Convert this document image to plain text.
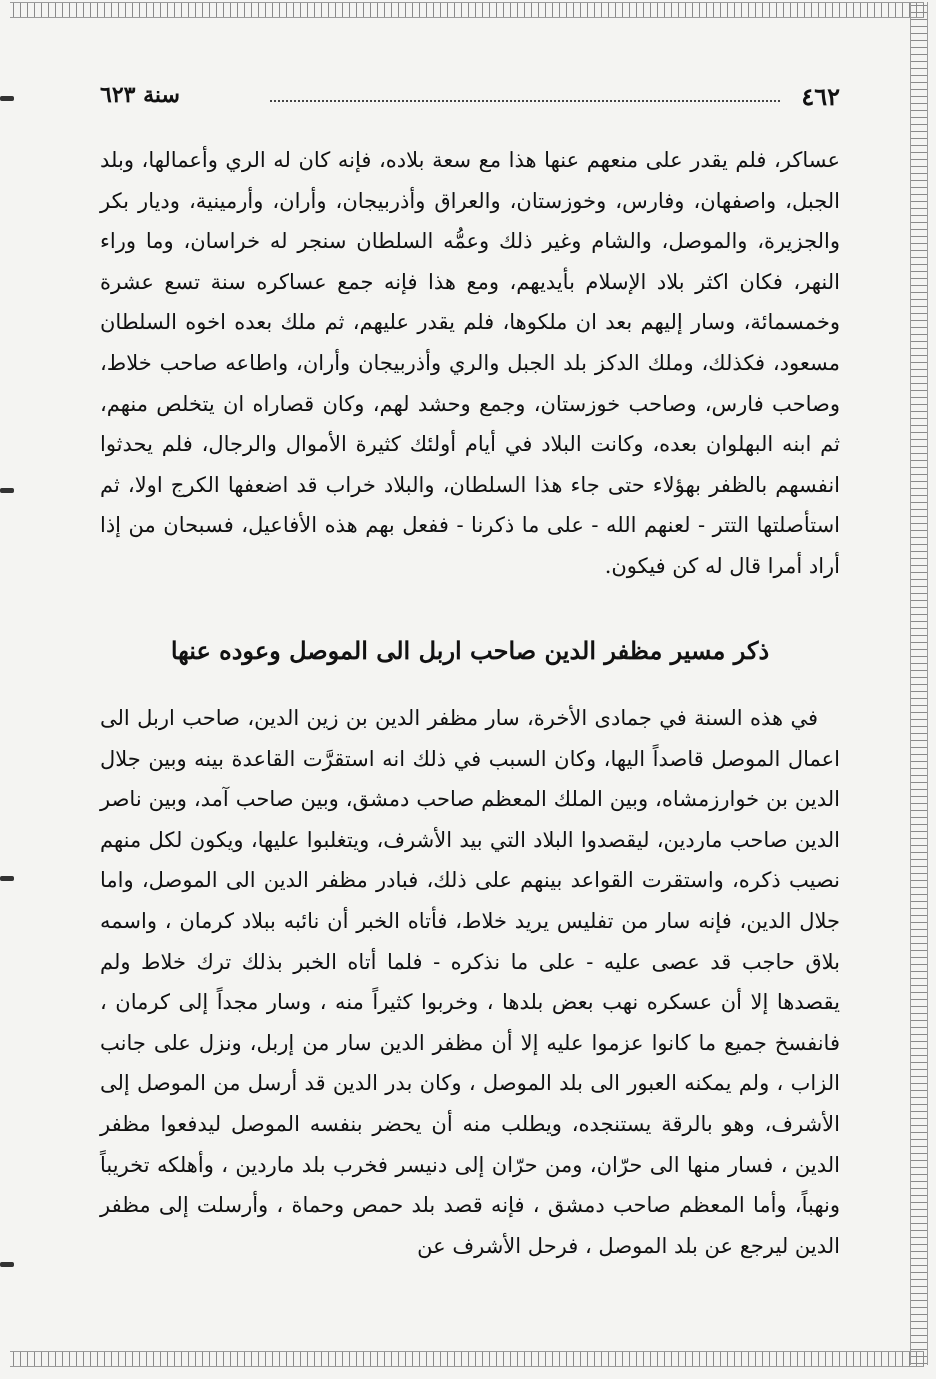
٤٦٢
سنة ٦٢٣

عساكر، فلم يقدر على منعهم عنها هذا مع سعة بلاده، فإنه كان له الري وأعمالها، وبلد الجبل، واصفهان، وفارس، وخوزستان، والعراق وأذربيجان، وأران، وأرمينية، وديار بكر والجزيرة، والموصل، والشام وغير ذلك وعمُّه السلطان سنجر له خراسان، وما وراء النهر، فكان اكثر بلاد الإسلام بأيديهم، ومع هذا فإنه جمع عساكره سنة تسع عشرة وخمسمائة، وسار إليهم بعد ان ملكوها، فلم يقدر عليهم، ثم ملك بعده اخوه السلطان مسعود، فكذلك، وملك الدكز بلد الجبل والري وأذربيجان وأران، واطاعه صاحب خلاط، وصاحب فارس، وصاحب خوزستان، وجمع وحشد لهم، وكان قصاراه ان يتخلص منهم، ثم ابنه البهلوان بعده، وكانت البلاد في أيام أولئك كثيرة الأموال والرجال، فلم يحدثوا انفسهم بالظفر بهؤلاء حتى جاء هذا السلطان، والبلاد خراب قد اضعفها الكرج اولا، ثم استأصلتها التتر - لعنهم الله - على ما ذكرنا - ففعل بهم هذه الأفاعيل، فسبحان من إذا أراد أمرا قال له كن فيكون.

ذكر مسير مظفر الدين صاحب اربل الى الموصل وعوده عنها

في هذه السنة في جمادى الأخرة، سار مظفر الدين بن زين الدين، صاحب اربل الى اعمال الموصل قاصداً اليها، وكان السبب في ذلك انه استقرَّت القاعدة بينه وبين جلال الدين بن خوارزمشاه، وبين الملك المعظم صاحب دمشق، وبين صاحب آمد، وبين ناصر الدين صاحب ماردين، ليقصدوا البلاد التي بيد الأشرف، ويتغلبوا عليها، ويكون لكل منهم نصيب ذكره، واستقرت القواعد بينهم على ذلك، فبادر مظفر الدين الى الموصل، واما جلال الدين، فإنه سار من تفليس يريد خلاط، فأتاه الخبر أن نائبه ببلاد كرمان ، واسمه بلاق حاجب قد عصى عليه - على ما نذكره - فلما أتاه الخبر بذلك ترك خلاط ولم يقصدها إلا أن عسكره نهب بعض بلدها ، وخربوا كثيراً منه ، وسار مجداً إلى كرمان ، فانفسخ جميع ما كانوا عزموا عليه إلا أن مظفر الدين سار من إربل، ونزل على جانب الزاب ، ولم يمكنه العبور الى بلد الموصل ، وكان بدر الدين قد أرسل من الموصل إلى الأشرف، وهو بالرقة يستنجده، ويطلب منه أن يحضر بنفسه الموصل ليدفعوا مظفر الدين ، فسار منها الى حرّان، ومن حرّان إلى دنيسر فخرب بلد ماردين ، وأهلكه تخريباً ونهباً، وأما المعظم صاحب دمشق ، فإنه قصد بلد حمص وحماة ، وأرسلت إلى مظفر الدين ليرجع عن بلد الموصل ، فرحل الأشرف عن
